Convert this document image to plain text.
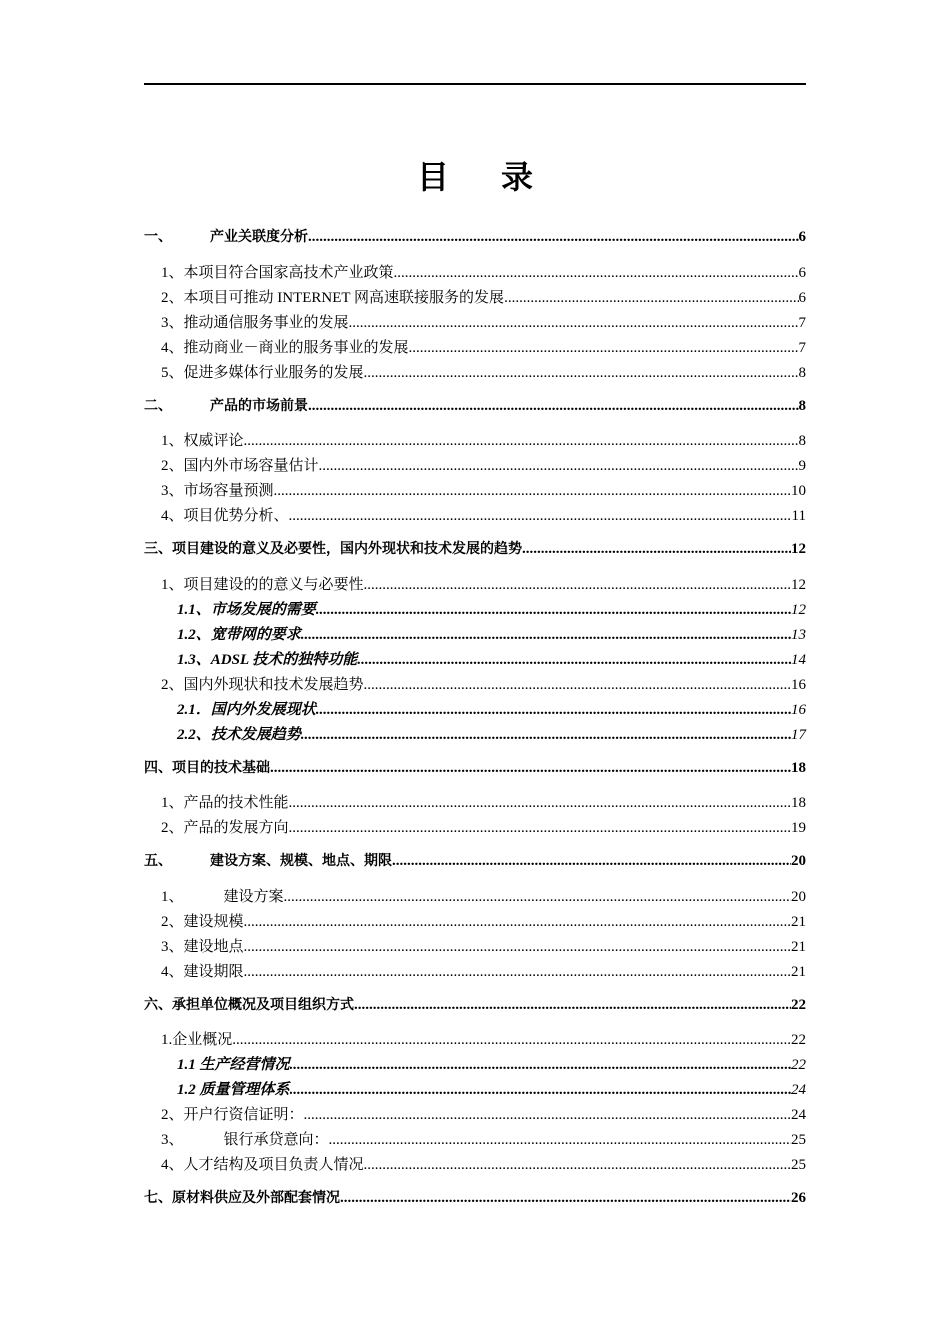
目 录
一、	产业关联度分析 .....	6
1、本项目符合国家高技术产业政策 .....	6
2、本项目可推动 INTERNET 网高速联接服务的发展 .....	6
3、推动通信服务事业的发展 .....	7
4、推动商业－商业的服务事业的发展 .....	7
5、促进多媒体行业服务的发展 .....	8
二、	产品的市场前景 .....	8
1、权威评论 .....	8
2、国内外市场容量估计 .....	9
3、市场容量预测 .....	10
4、项目优势分析、 .....	11
三、项目建设的意义及必要性，国内外现状和技术发展的趋势 .....	12
1、项目建设的的意义与必要性 .....	12
1.1、市场发展的需要 .....	12
1.2、宽带网的要求 .....	13
1.3、ADSL 技术的独特功能 .....	14
2、国内外现状和技术发展趋势 .....	16
2.1．国内外发展现状 .....	16
2.2、技术发展趋势 .....	17
四、项目的技术基础 .....	18
1、产品的技术性能 .....	18
2、产品的发展方向 .....	19
五、	建设方案、规模、地点、期限 .....	20
1、	建设方案 .....	20
2、建设规模 .....	21
3、建设地点 .....	21
4、建设期限 .....	21
六、承担单位概况及项目组织方式 .....	22
1.企业概况 .....	22
1.1 生产经营情况 .....	22
1.2 质量管理体系 .....	24
2、开户行资信证明： .....	24
3、	银行承贷意向： .....	25
4、人才结构及项目负责人情况 .....	25
七、原材料供应及外部配套情况 .....	26
